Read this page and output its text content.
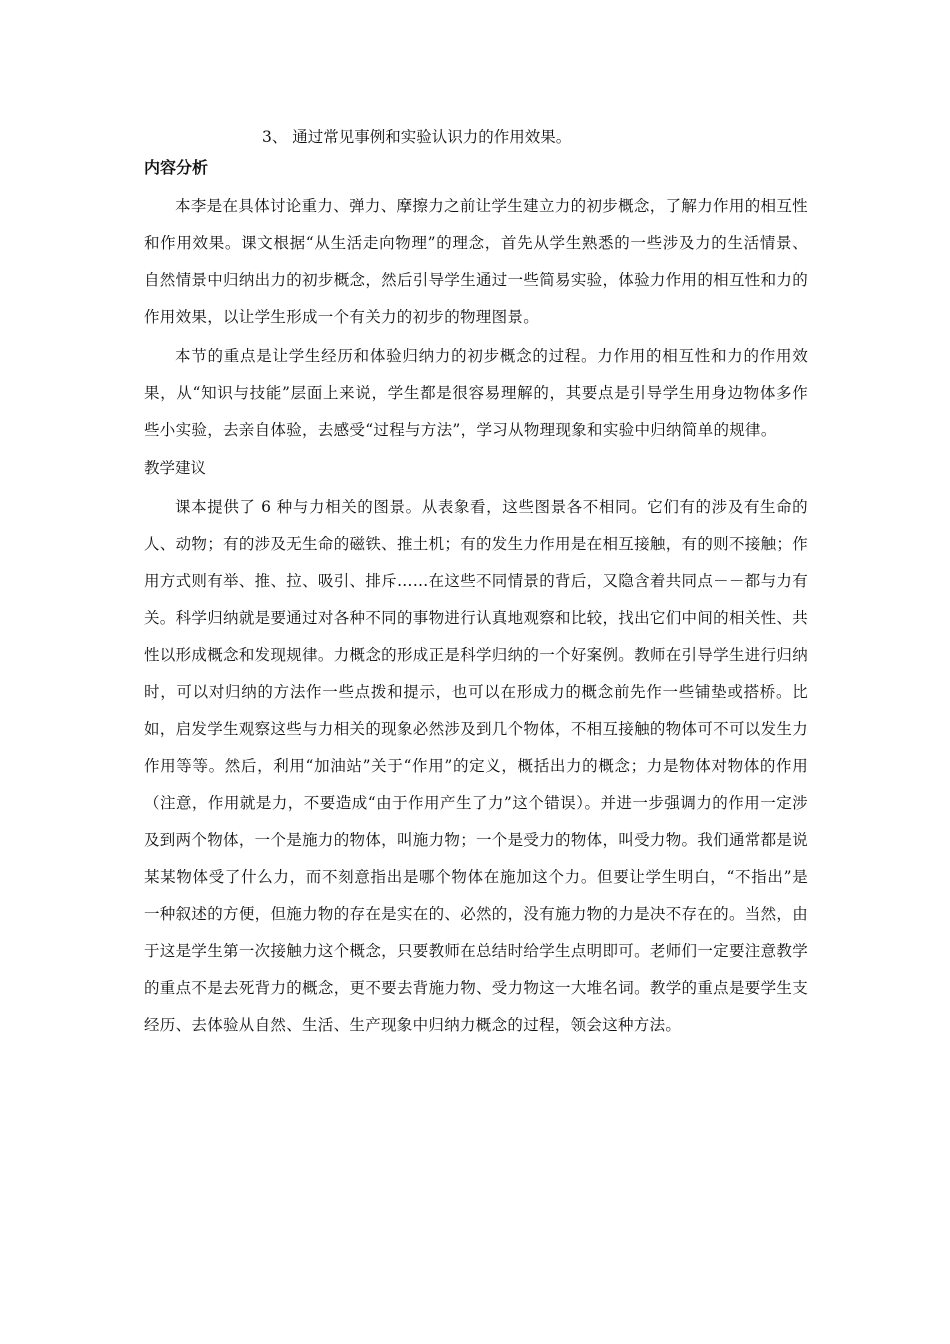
3、 通过常见事例和实验认识力的作用效果。
内容分析

本李是在具体讨论重力、弹力、摩擦力之前让学生建立力的初步概念，了解力作用的相互性和作用效果。课文根据“从生活走向物理”的理念，首先从学生熟悉的一些涉及力的生活情景、自然情景中归纳出力的初步概念，然后引导学生通过一些简易实验，体验力作用的相互性和力的作用效果，以让学生形成一个有关力的初步的物理图景。

本节的重点是让学生经历和体验归纳力的初步概念的过程。力作用的相互性和力的作用效果，从“知识与技能”层面上来说，学生都是很容易理解的，其要点是引导学生用身边物体多作些小实验，去亲自体验，去感受“过程与方法”，学习从物理现象和实验中归纳简单的规律。

教学建议

课本提供了 6 种与力相关的图景。从表象看，这些图景各不相同。它们有的涉及有生命的人、动物；有的涉及无生命的磁铁、推土机；有的发生力作用是在相互接触，有的则不接触；作用方式则有举、推、拉、吸引、排斥……在这些不同情景的背后，又隐含着共同点－－都与力有关。科学归纳就是要通过对各种不同的事物进行认真地观察和比较，找出它们中间的相关性、共性以形成概念和发现规律。力概念的形成正是科学归纳的一个好案例。教师在引导学生进行归纳时，可以对归纳的方法作一些点拨和提示，也可以在形成力的概念前先作一些铺垫或搭桥。比如，启发学生观察这些与力相关的现象必然涉及到几个物体，不相互接触的物体可不可以发生力作用等等。然后，利用“加油站”关于“作用”的定义，概括出力的概念；力是物体对物体的作用（注意，作用就是力，不要造成“由于作用产生了力”这个错误）。并进一步强调力的作用一定涉及到两个物体，一个是施力的物体，叫施力物；一个是受力的物体，叫受力物。我们通常都是说某某物体受了什么力，而不刻意指出是哪个物体在施加这个力。但要让学生明白，“不指出”是一种叙述的方便，但施力物的存在是实在的、必然的，没有施力物的力是决不存在的。当然，由于这是学生第一次接触力这个概念，只要教师在总结时给学生点明即可。老师们一定要注意教学的重点不是去死背力的概念，更不要去背施力物、受力物这一大堆名词。教学的重点是要学生支经历、去体验从自然、生活、生产现象中归纳力概念的过程，领会这种方法。
